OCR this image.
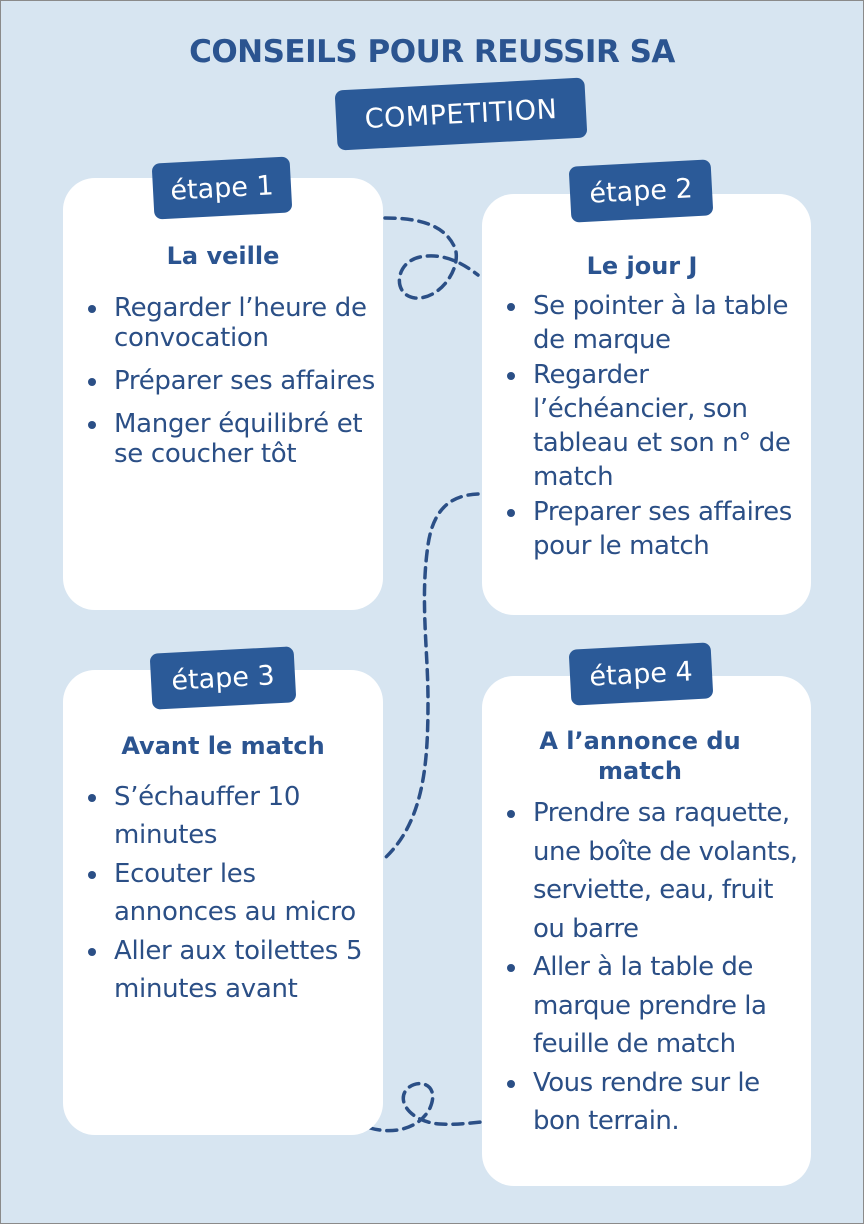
CONSEILS POUR REUSSIR SA
COMPETITION
étape 1
La veille
Regarder l’heure de convocation
Préparer ses affaires
Manger équilibré et se coucher tôt
étape 2
Le jour J
Se pointer à la table de marque
Regarder l’échéancier, son tableau et son n° de match
Preparer ses affaires pour le match
étape 3
Avant le match
S’échauffer 10 minutes
Ecouter les annonces au micro
Aller aux toilettes 5 minutes avant
étape 4
A l’annonce du match
Prendre sa raquette, une boîte de volants, serviette, eau, fruit ou barre
Aller à la table de marque prendre la feuille de match
Vous rendre sur le bon terrain.
